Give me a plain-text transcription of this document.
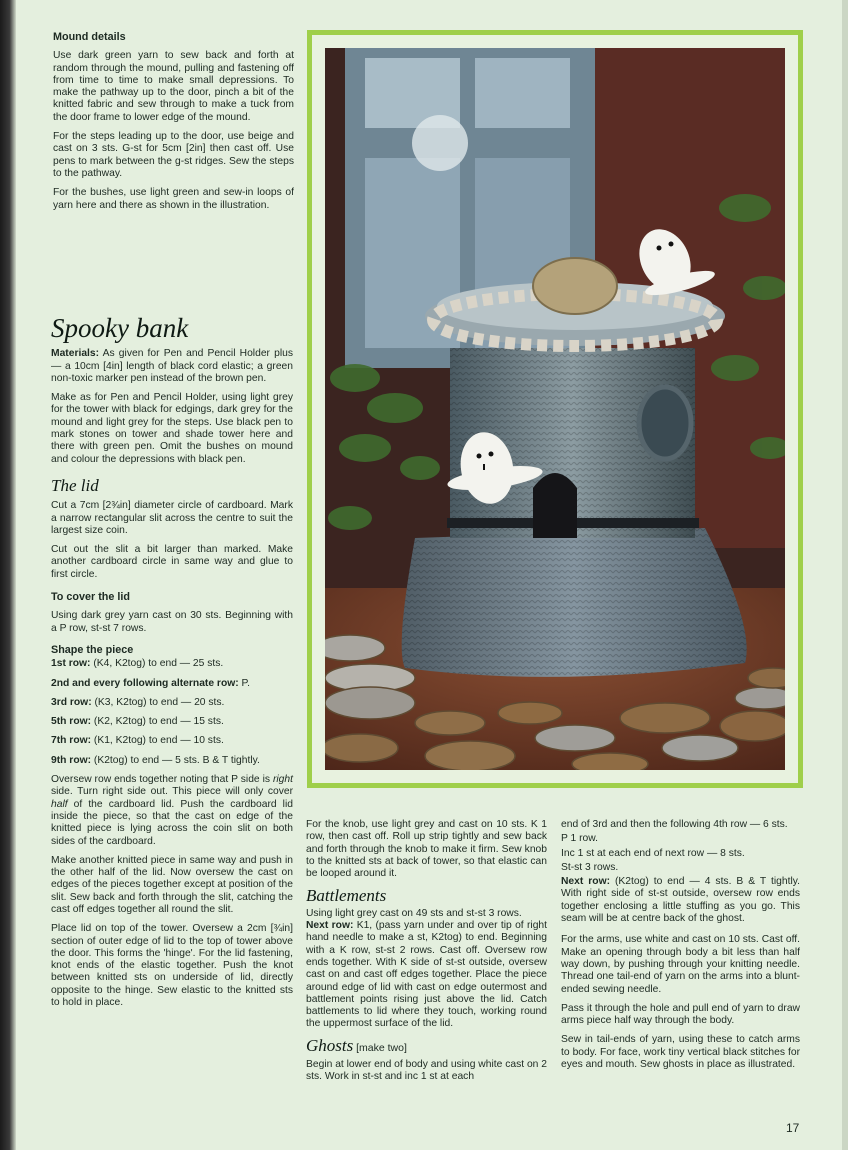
Mound details

Use dark green yarn to sew back and forth at random through the mound, pulling and fastening off from time to time to make small depressions. To make the pathway up to the door, pinch a bit of the knitted fabric and sew through to make a tuck from the door frame to lower edge of the mound.

For the steps leading up to the door, use beige and cast on 3 sts. G-st for 5cm [2in] then cast off. Use pens to mark between the g-st ridges. Sew the steps to the pathway.

For the bushes, use light green and sew-in loops of yarn here and there as shown in the illustration.

Spooky bank

Materials: As given for Pen and Pencil Holder plus — a 10cm [4in] length of black cord elastic; a green non-toxic marker pen instead of the brown pen.

Make as for Pen and Pencil Holder, using light grey for the tower with black for edgings, dark grey for the mound and light grey for the steps. Use black pen to mark stones on tower and shade tower here and there with green pen. Omit the bushes on mound and colour the depressions with black pen.

The lid

Cut a 7cm [2¾in] diameter circle of cardboard. Mark a narrow rectangular slit across the centre to suit the largest size coin.

Cut out the slit a bit larger than marked. Make another cardboard circle in same way and glue to first circle.

To cover the lid

Using dark grey yarn cast on 30 sts. Beginning with a P row, st-st 7 rows.

Shape the piece

1st row: (K4, K2tog) to end — 25 sts.

2nd and every following alternate row: P.

3rd row: (K3, K2tog) to end — 20 sts.

5th row: (K2, K2tog) to end — 15 sts.

7th row: (K1, K2tog) to end — 10 sts.

9th row: (K2tog) to end — 5 sts. B & T tightly.

Oversew row ends together noting that P side is right side. Turn right side out. This piece will only cover half of the cardboard lid. Push the cardboard lid inside the piece, so that the cast on edge of the knitted piece is lying across the coin slit on both sides of the cardboard.

Make another knitted piece in same way and push in the other half of the lid. Now oversew the cast on edges of the pieces together except at position of the slit. Sew back and forth through the slit, catching the cast off edges together all round the slit.

Place lid on top of the tower. Oversew a 2cm [¾in] section of outer edge of lid to the top of tower above the door. This forms the 'hinge'. For the lid fastening, knot ends of the elastic together. Push the knot between knitted sts on underside of lid, directly opposite to the hinge. Sew elastic to the knitted sts to hold in place.

For the knob, use light grey and cast on 10 sts. K 1 row, then cast off. Roll up strip tightly and sew back and forth through the knob to make it firm. Sew knob to the knitted sts at back of tower, so that elastic can be looped around it.

Battlements

Using light grey cast on 49 sts and st-st 3 rows.

Next row: K1, (pass yarn under and over tip of right hand needle to make a st, K2tog) to end. Beginning with a K row, st-st 2 rows. Cast off. Oversew row ends together. With K side of st-st outside, oversew cast on and cast off edges together. Place the piece around edge of lid with cast on edge outermost and battlement points rising just above the lid. Catch battlements to lid where they touch, working round the uppermost surface of the lid.

Ghosts [make two]

Begin at lower end of body and using white cast on 2 sts. Work in st-st and inc 1 st at each

end of 3rd and then the following 4th row — 6 sts.

P 1 row.

Inc 1 st at each end of next row — 8 sts.

St-st 3 rows.

Next row: (K2tog) to end — 4 sts. B & T tightly. With right side of st-st outside, oversew row ends together enclosing a little stuffing as you go. This seam will be at centre back of the ghost.

For the arms, use white and cast on 10 sts. Cast off. Make an opening through body a bit less than half way down, by pushing through your knitting needle. Thread one tail-end of yarn on the arms into a blunt-ended sewing needle.

Pass it through the hole and pull end of yarn to draw arms piece half way through the body.

Sew in tail-ends of yarn, using these to catch arms to body. For face, work tiny vertical black stitches for eyes and mouth. Sew ghosts in place as illustrated.

17
